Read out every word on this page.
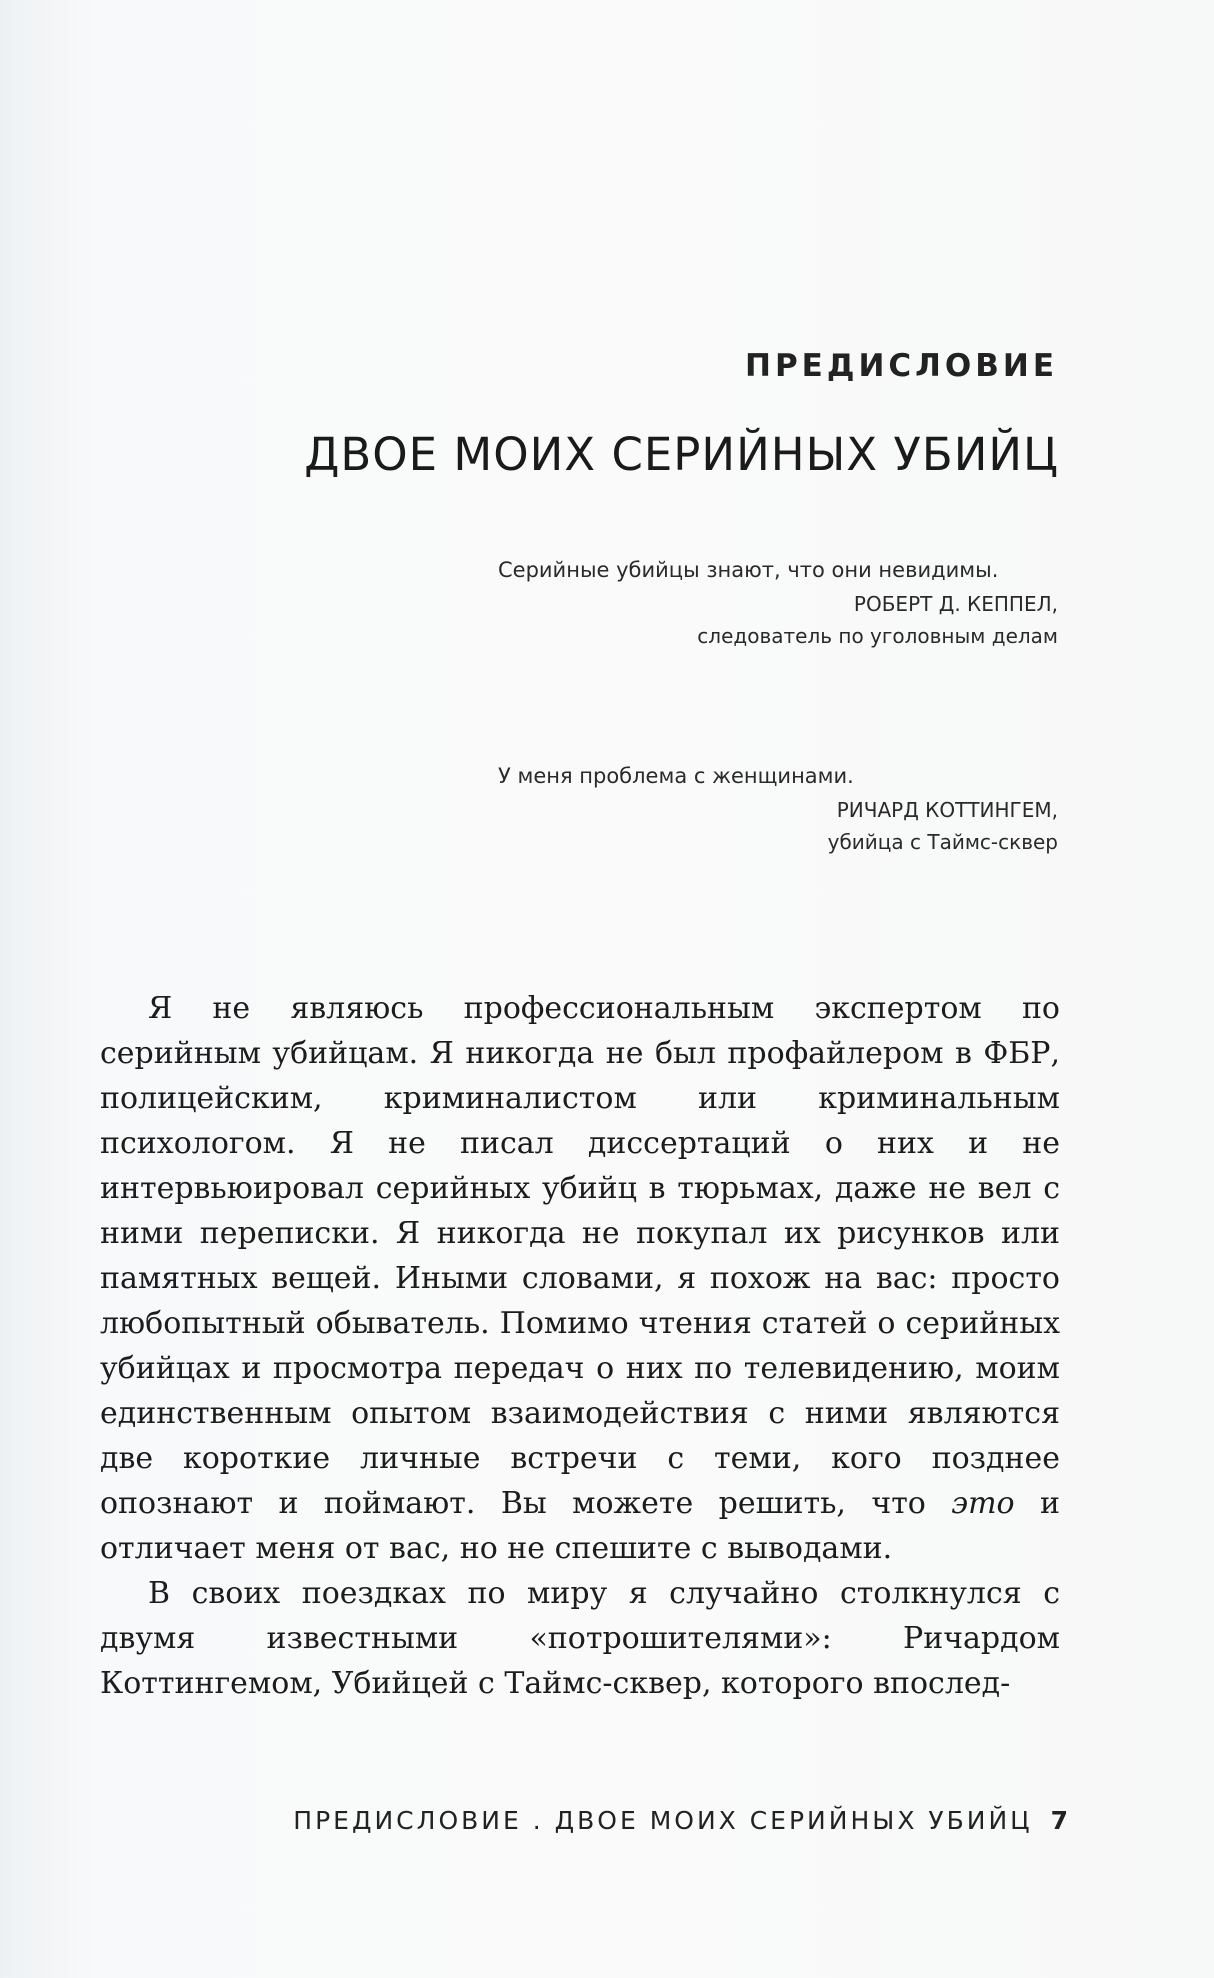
ПРЕДИСЛОВИЕ
ДВОЕ МОИХ СЕРИЙНЫХ УБИЙЦ
Серийные убийцы знают, что они невидимы.
РОБЕРТ Д. КЕППЕЛ,
следователь по уголовным делам
У меня проблема с женщинами.
РИЧАРД КОТТИНГЕМ,
убийца с Таймс-сквер

Я не являюсь профессиональным экспертом по серийным убийцам. Я никогда не был профайлером в ФБР, полицейским, криминалистом или криминальным психологом. Я не писал диссертаций о них и не интервьюировал серийных убийц в тюрьмах, даже не вел с ними переписки. Я никогда не покупал их рисунков или памятных вещей. Иными словами, я похож на вас: просто любопытный обыватель. Помимо чтения статей о серийных убийцах и просмотра передач о них по телевидению, моим единственным опытом взаимодействия с ними являются две короткие личные встречи с теми, кого позднее опознают и поймают. Вы можете решить, что это и отличает меня от вас, но не спешите с выводами.

В своих поездках по миру я случайно столкнулся с двумя известными «потрошителями»: Ричардом Коттингемом, Убийцей с Таймс-сквер, которого впослед-

ПРЕДИСЛОВИЕ . ДВОЕ МОИХ СЕРИЙНЫХ УБИЙЦ 7
